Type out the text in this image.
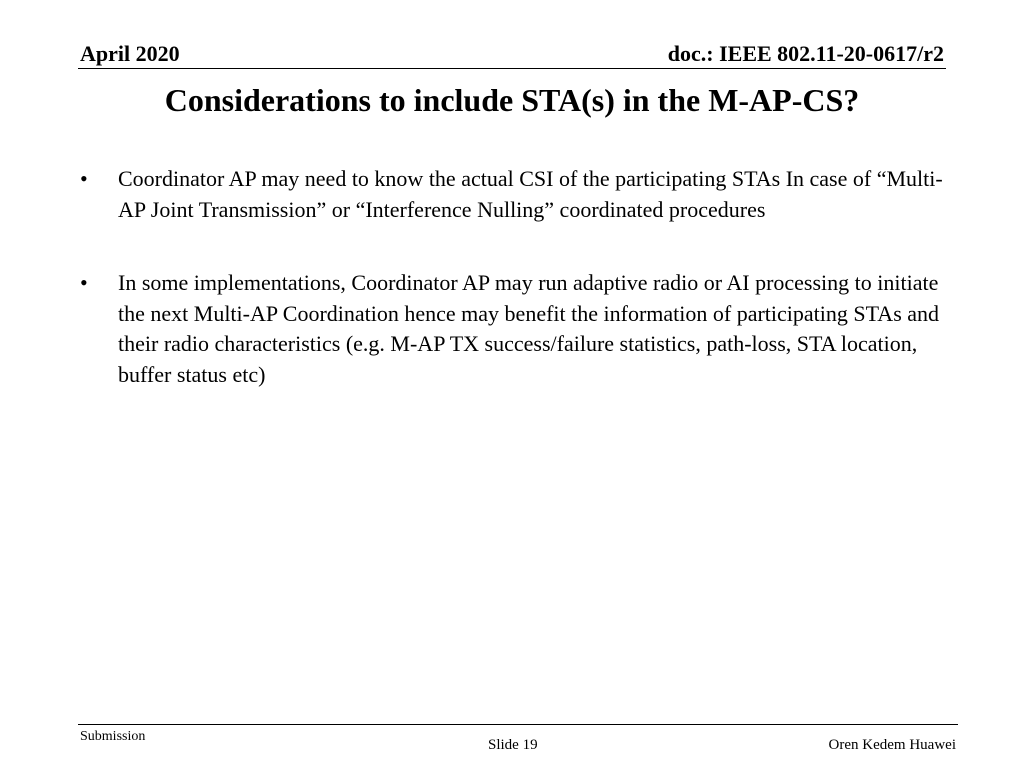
April 2020	doc.: IEEE 802.11-20-0617/r2
Considerations to include STA(s) in the M-AP-CS?
• Coordinator AP may need to know the actual CSI of the participating STAs In case of “Multi-AP Joint Transmission” or “Interference Nulling” coordinated procedures
• In some implementations, Coordinator AP may run adaptive radio or AI processing to initiate the next Multi-AP Coordination hence may benefit the information of participating STAs and their radio characteristics (e.g. M-AP TX success/failure statistics, path-loss, STA location, buffer status etc)
Submission
Slide 19	Oren Kedem Huawei
